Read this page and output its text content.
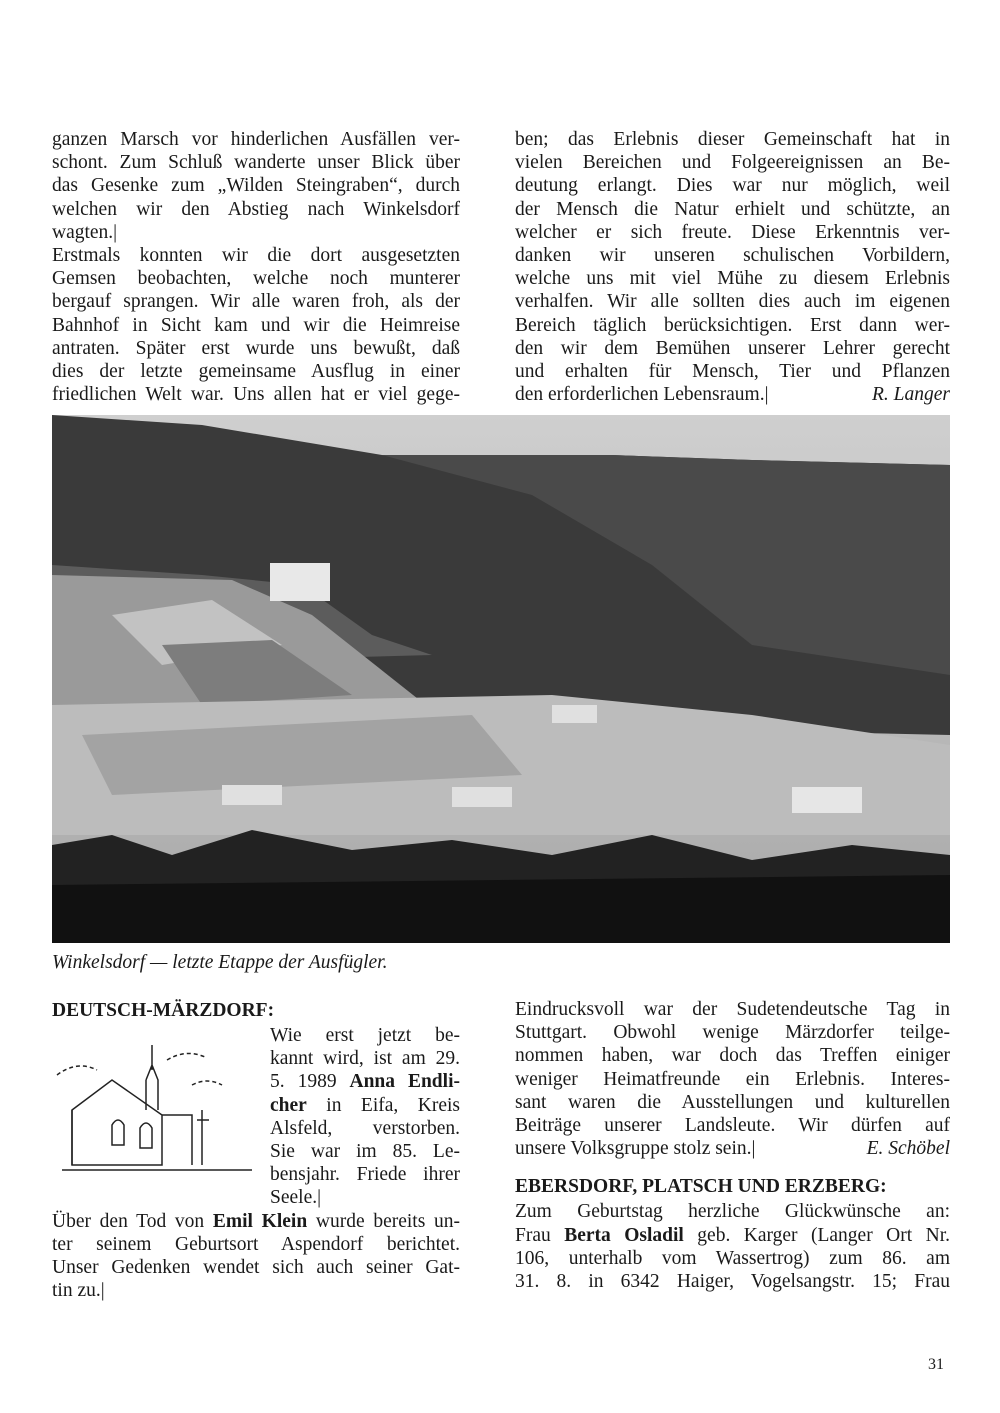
ganzen Marsch vor hinderlichen Ausfällen ver-
schont. Zum Schluß wanderte unser Blick über
das Gesenke zum „Wilden Steingraben“, durch
welchen wir den Abstieg nach Winkelsdorf
wagten.|
Erstmals konnten wir die dort ausgesetzten
Gemsen beobachten, welche noch munterer
bergauf sprangen. Wir alle waren froh, als der
Bahnhof in Sicht kam und wir die Heimreise
antraten. Später erst wurde uns bewußt, daß
dies der letzte gemeinsame Ausflug in einer
friedlichen Welt war. Uns allen hat er viel gege-
ben; das Erlebnis dieser Gemeinschaft hat in
vielen Bereichen und Folgeereignissen an Be-
deutung erlangt. Dies war nur möglich, weil
der Mensch die Natur erhielt und schützte, an
welcher er sich freute. Diese Erkenntnis ver-
danken wir unseren schulischen Vorbildern,
welche uns mit viel Mühe zu diesem Erlebnis
verhalfen. Wir alle sollten dies auch im eigenen
Bereich täglich berücksichtigen. Erst dann wer-
den wir dem Bemühen unserer Lehrer gerecht
und erhalten für Mensch, Tier und Pflanzen
den erforderlichen Lebensraum.|	R. Langer
Winkelsdorf — letzte Etappe der Ausfügler.
DEUTSCH-MÄRZDORF:
Wie erst jetzt be-
kannt wird, ist am 29.
5. 1989 Anna Endli-
cher in Eifa, Kreis
Alsfeld, verstorben.
Sie war im 85. Le-
bensjahr. Friede ihrer
Seele.|
Über den Tod von Emil Klein wurde bereits un-
ter seinem Geburtsort Aspendorf berichtet.
Unser Gedenken wendet sich auch seiner Gat-
tin zu.|
Eindrucksvoll war der Sudetendeutsche Tag in
Stuttgart. Obwohl wenige Märzdorfer teilge-
nommen haben, war doch das Treffen einiger
weniger Heimatfreunde ein Erlebnis. Interes-
sant waren die Ausstellungen und kulturellen
Beiträge unserer Landsleute. Wir dürfen auf
unsere Volksgruppe stolz sein.|	E. Schöbel
EBERSDORF, PLATSCH UND ERZBERG:
Zum Geburtstag herzliche Glückwünsche an:
Frau Berta Osladil geb. Karger (Langer Ort Nr.
106, unterhalb vom Wassertrog) zum 86. am
31. 8. in 6342 Haiger, Vogelsangstr. 15; Frau
31
